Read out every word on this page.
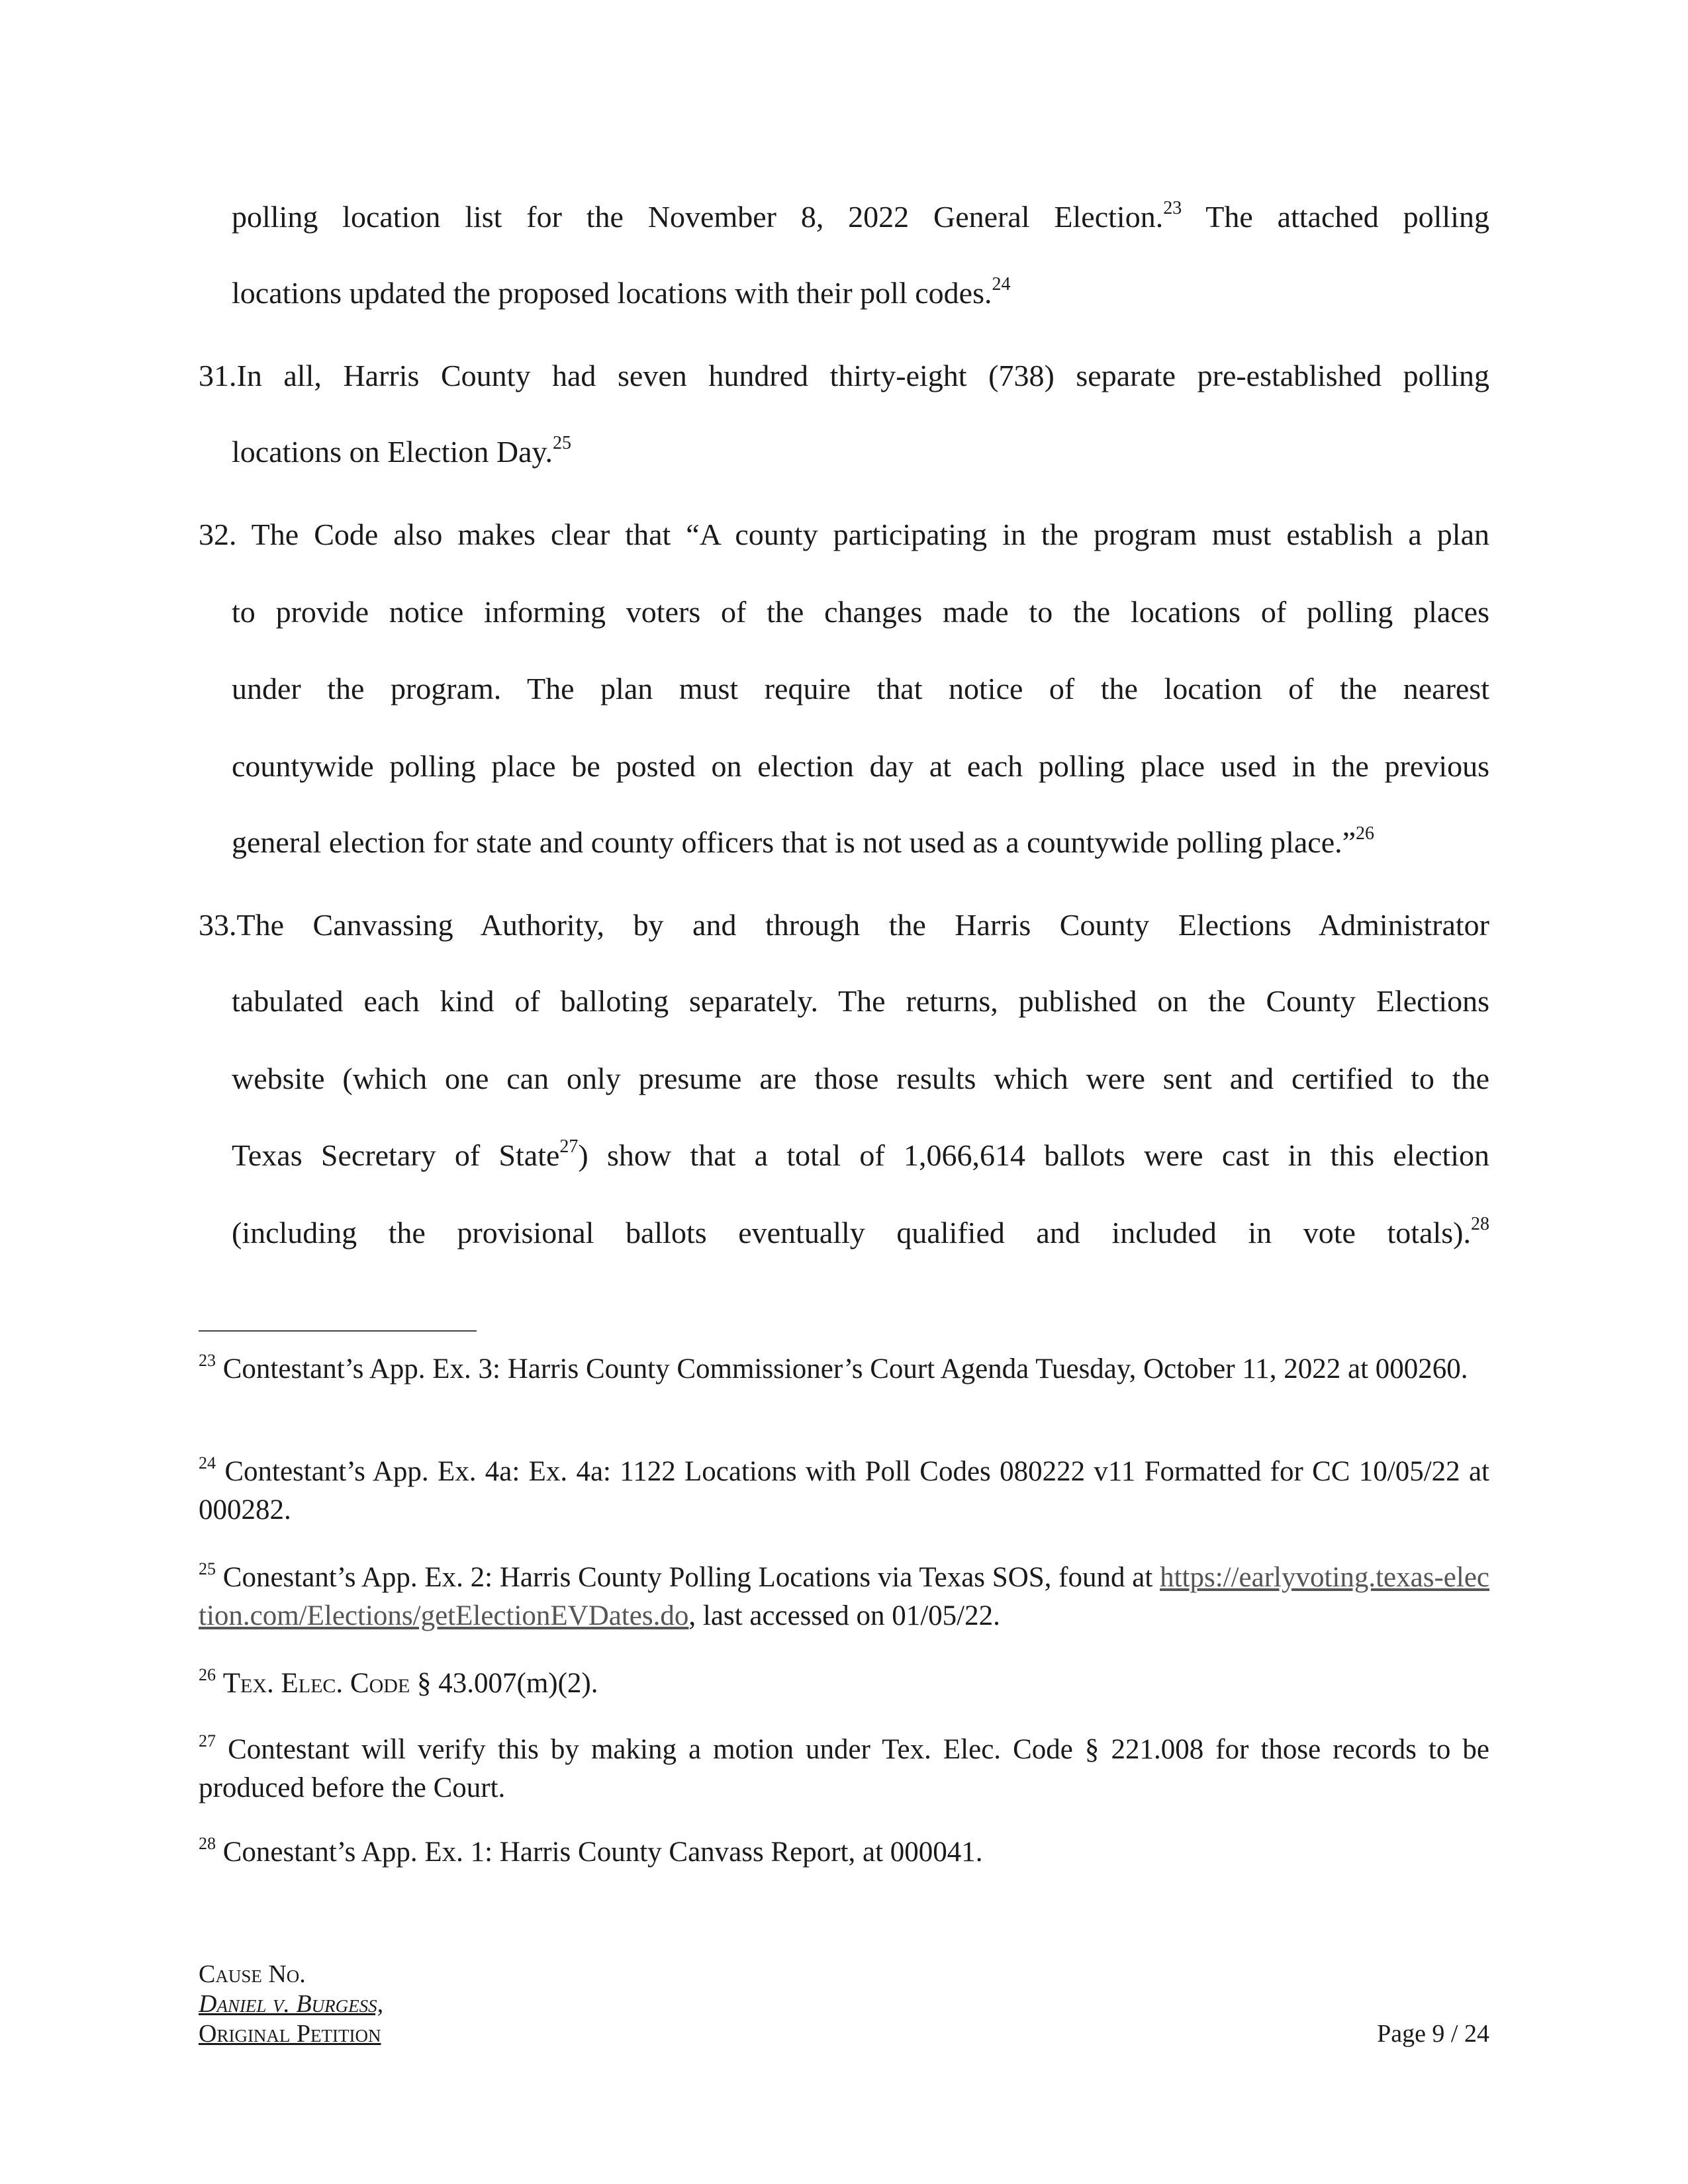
polling location list for the November 8, 2022 General Election.$^{23}$ The attached polling
locations updated the proposed locations with their poll codes.$^{24}$
31.In all, Harris County had seven hundred thirty-eight (738) separate pre-established polling
locations on Election Day.$^{25}$
32. The Code also makes clear that “A county participating in the program must establish a plan
to provide notice informing voters of the changes made to the locations of polling places
under the program. The plan must require that notice of the location of the nearest
countywide polling place be posted on election day at each polling place used in the previous
general election for state and county officers that is not used as a countywide polling place.”$^{26}$
33.The Canvassing Authority, by and through the Harris County Elections Administrator
tabulated each kind of balloting separately. The returns, published on the County Elections
website (which one can only presume are those results which were sent and certified to the
Texas Secretary of State$^{27}$) show that a total of 1,066,614 ballots were cast in this election
(including the provisional ballots eventually qualified and included in vote totals).$^{28}$
$^{23}$ Contestant’s App. Ex. 3: Harris County Commissioner’s Court Agenda Tuesday, October 11, 2022 at 000260.
$^{24}$ Contestant’s App. Ex. 4a: Ex. 4a: 1122 Locations with Poll Codes 080222 v11 Formatted for CC 10/05/22 at 000282.
$^{25}$ Conestant’s App. Ex. 2: Harris County Polling Locations via Texas SOS, found at https://earlyvoting.texas-election.com/Elections/getElectionEVDates.do, last accessed on 01/05/22.
$^{26}$ Tex. Elec. Code § 43.007(m)(2).
$^{27}$ Contestant will verify this by making a motion under Tex. Elec. Code § 221.008 for those records to be produced before the Court.
$^{28}$ Conestant’s App. Ex. 1: Harris County Canvass Report, at 000041.
Cause No.
Daniel v. Burgess,
Original Petition	Page 9 / 24
